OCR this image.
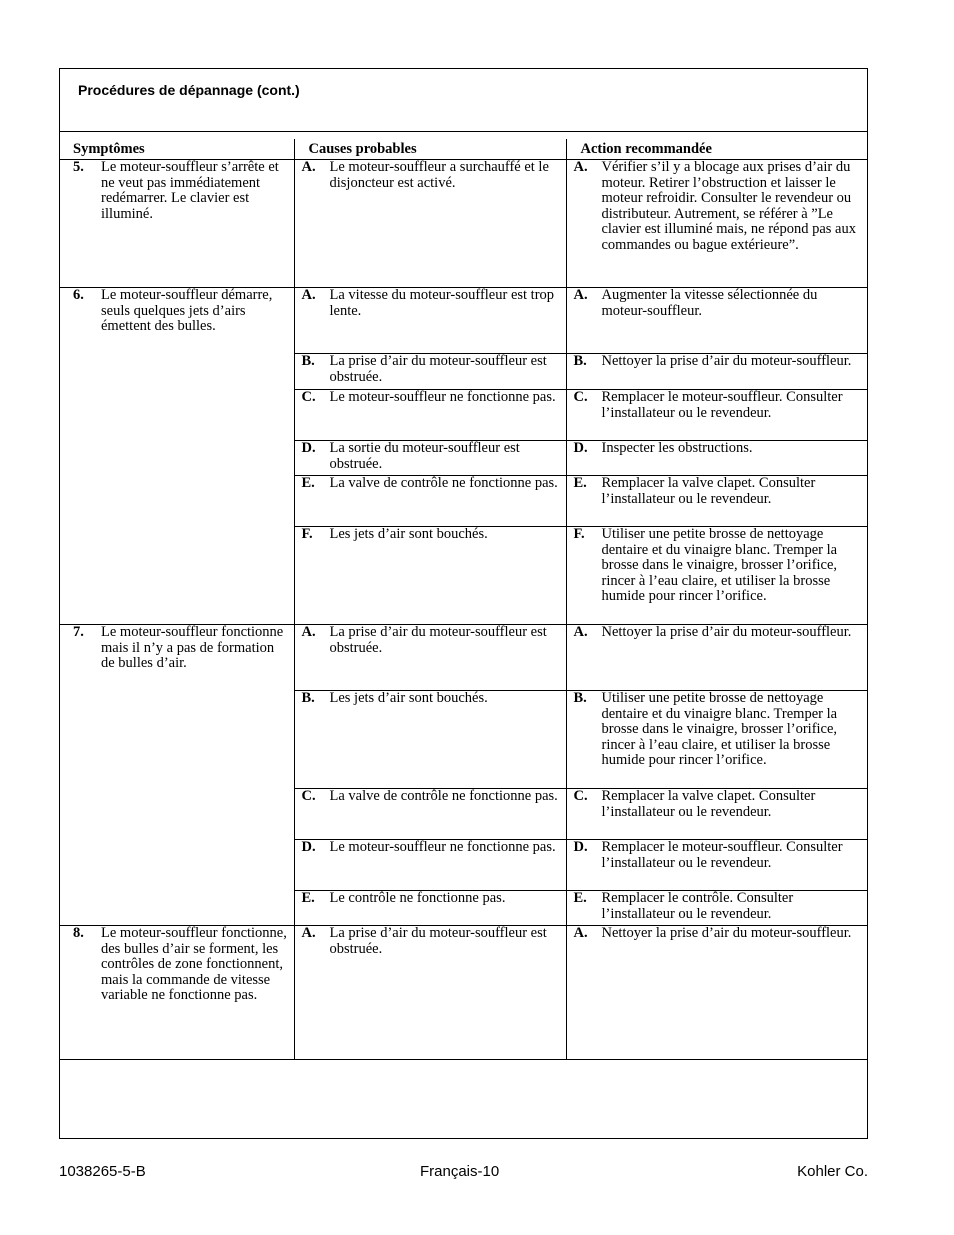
Procédures de dépannage (cont.)
Symptômes	Causes probables	Action recommandée

5. Le moteur-souffleur s’arrête et ne veut pas immédiatement redémarrer. Le clavier est illuminé.	A. Le moteur-souffleur a surchauffé et le disjoncteur est activé.	A. Vérifier s’il y a blocage aux prises d’air du moteur. Retirer l’obstruction et laisser le moteur refroidir. Consulter le revendeur ou distributeur. Autrement, se référer à ”Le clavier est illuminé mais, ne répond pas aux commandes ou bague extérieure”.

6. Le moteur-souffleur démarre, seuls quelques jets d’airs émettent des bulles.	A. La vitesse du moteur-souffleur est trop lente.	A. Augmenter la vitesse sélectionnée du moteur-souffleur.

	B. La prise d’air du moteur-souffleur est obstruée.	B. Nettoyer la prise d’air du moteur-souffleur.

	C. Le moteur-souffleur ne fonctionne pas.	C. Remplacer le moteur-souffleur. Consulter l’installateur ou le revendeur.

	D. La sortie du moteur-souffleur est obstruée.	D. Inspecter les obstructions.

	E. La valve de contrôle ne fonctionne pas.	E. Remplacer la valve clapet. Consulter l’installateur ou le revendeur.

	F. Les jets d’air sont bouchés.	F. Utiliser une petite brosse de nettoyage dentaire et du vinaigre blanc. Tremper la brosse dans le vinaigre, brosser l’orifice, rincer à l’eau claire, et utiliser la brosse humide pour rincer l’orifice.

7. Le moteur-souffleur fonctionne mais il n’y a pas de formation de bulles d’air.	A. La prise d’air du moteur-souffleur est obstruée.	A. Nettoyer la prise d’air du moteur-souffleur.

	B. Les jets d’air sont bouchés.	B. Utiliser une petite brosse de nettoyage dentaire et du vinaigre blanc. Tremper la brosse dans le vinaigre, brosser l’orifice, rincer à l’eau claire, et utiliser la brosse humide pour rincer l’orifice.

	C. La valve de contrôle ne fonctionne pas.	C. Remplacer la valve clapet. Consulter l’installateur ou le revendeur.

	D. Le moteur-souffleur ne fonctionne pas.	D. Remplacer le moteur-souffleur. Consulter l’installateur ou le revendeur.

	E. Le contrôle ne fonctionne pas.	E. Remplacer le contrôle. Consulter l’installateur ou le revendeur.

8. Le moteur-souffleur fonctionne, des bulles d’air se forment, les contrôles de zone fonctionnent, mais la commande de vitesse variable ne fonctionne pas.	A. La prise d’air du moteur-souffleur est obstruée.	A. Nettoyer la prise d’air du moteur-souffleur.
1038265-5-B	Français-10	Kohler Co.
